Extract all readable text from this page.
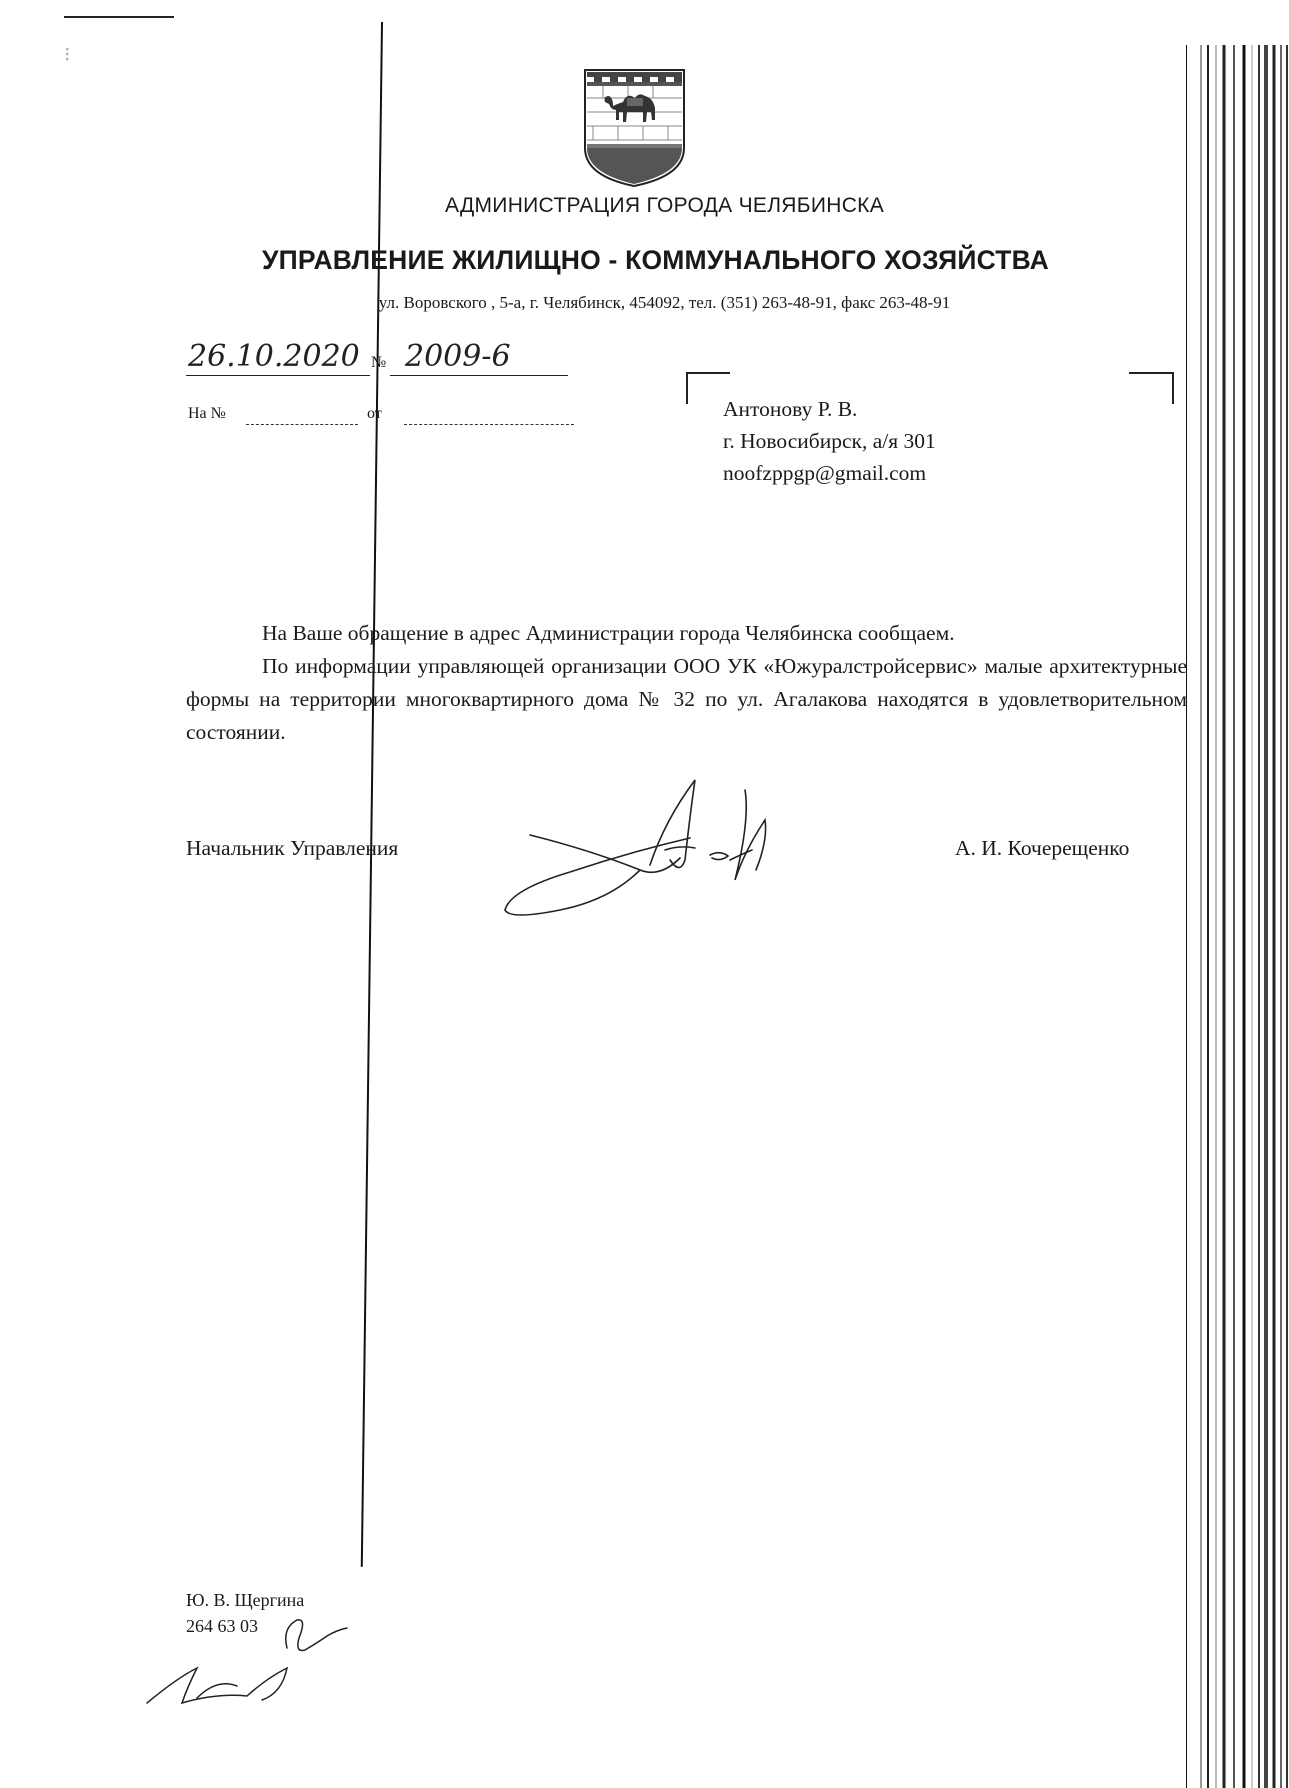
⁝
АДМИНИСТРАЦИЯ ГОРОДА ЧЕЛЯБИНСКА
УПРАВЛЕНИЕ ЖИЛИЩНО - КОММУНАЛЬНОГО ХОЗЯЙСТВА
ул. Воровского , 5-а, г. Челябинск, 454092, тел. (351) 263-48-91, факс 263-48-91
26.10.2020 № 2009-6
На №	от	Антонову Р. В.
г. Новосибирск, а/я 301
noofzppgp@gmail.com
На Ваше обращение в адрес Администрации города Челябинска сообщаем.
По информации управляющей организации ООО УК «Южуралстройсервис» малые архитектурные формы на территории многоквартирного дома № 32 по ул. Агалакова находятся в удовлетворительном состоянии.
Начальник Управления	А. И. Кочерещенко
Ю. В. Щергина
264 63 03
